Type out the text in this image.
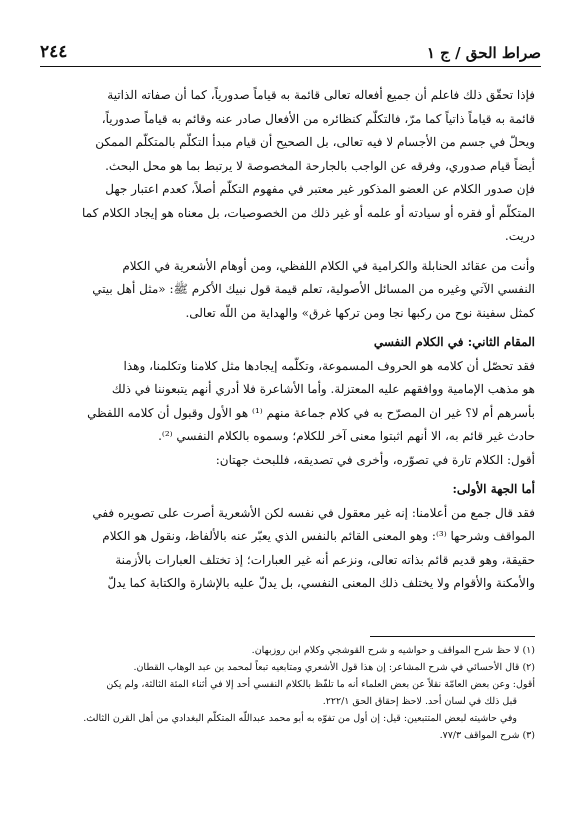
٢٤٤	صراط الحق / ج ١
فإذا تحقّق ذلك فاعلم أن جميع أفعاله تعالى قائمة به قياماً صدورياً، كما أن صفاته الذاتية
قائمة به قياماً ذاتياً كما مرّ، فالتكلّم كنظائره من الأفعال صادر عنه وقائم به قياماً صدورياً،
ويحلّ في جسم من الأجسام لا فيه تعالى، بل الصحيح أن قيام مبدأ التكلّم بالمتكلّم الممكن
أيضاً قيام صدوري، وفرقه عن الواجب بالجارحة المخصوصة لا يرتبط بما هو محل البحث.
فإن صدور الكلام عن العضو المذكور غير معتبر في مفهوم التكلّم أصلاً، كعدم اعتبار جهل
المتكلّم أو فقره أو سيادته أو علمه أو غير ذلك من الخصوصيات، بل معناه هو إيجاد الكلام كما
دريت.
وأنت من عقائد الحنابلة والكرامية في الكلام اللفظي، ومن أوهام الأشعرية في الكلام
النفسي الآتي وغيره من المسائل الأصولية، تعلم قيمة قول نبيك الأكرم ﷺ: «مثل أهل بيتي
كمثل سفينة نوح من ركبها نجا ومن تركها غرق» والهداية من اللّه تعالى.
المقام الثاني: في الكلام النفسي
فقد تحصّل أن كلامه هو الحروف المسموعة، وتكلّمه إيجادها مثل كلامنا وتكلمنا، وهذا
هو مذهب الإمامية ووافقهم عليه المعتزلة. وأما الأشاعرة فلا أدري أنهم يتبعوننا في ذلك
بأسرهم أم لا؟ غير ان المصرّح به في كلام جماعة منهم ⁽¹⁾ هو الأول وقبول أن كلامه اللفظي
حادث غير قائم به، الا أنهم اثبتوا معنى آخر للكلام؛ وسموه بالكلام النفسي ⁽²⁾.
أقول: الكلام تارة في تصوّره، وأخرى في تصديقه، فللبحث جهتان:
أما الجهة الأولى:
فقد قال جمع من أعلامنا: إنه غير معقول في نفسه لكن الأشعرية أصرت على تصويره ففي
المواقف وشرحها ⁽³⁾: وهو المعنى القائم بالنفس الذي يعبّر عنه بالألفاظ، ونقول هو الكلام
حقيقة، وهو قديم قائم بذاته تعالى، ونزعم أنه غير العبارات؛ إذ تختلف العبارات بالأزمنة
والأمكنة والأقوام ولا يختلف ذلك المعنى النفسي، بل يدلّ عليه بالإشارة والكتابة كما يدلّ
(١) لا حظ شرح المواقف و حواشيه و شرح القوشجي وكلام ابن روزبهان.
(٢) قال الأحسائي في شرح المشاعر: إن هذا قول الأشعري ومتابعيه تبعاً لمحمد بن عبد الوهاب القطان.
أقول: وعن بعض العامّة نقلاً عن بعض العلماء أنه ما تلفّظ بالكلام النفسي أحد إلا في أثناء المئة الثالثة، ولم يكن
قبل ذلك في لسان أحد. لاحظ إحقاق الحق ٢٢٢/١.
وفي حاشيته لبعض المتتبعين: قيل: إن أول من تفوّه به أبو محمد عبداللّه المتكلّم البغدادي من أهل القرن الثالث.
(٣) شرح المواقف ٧٧/٣.
